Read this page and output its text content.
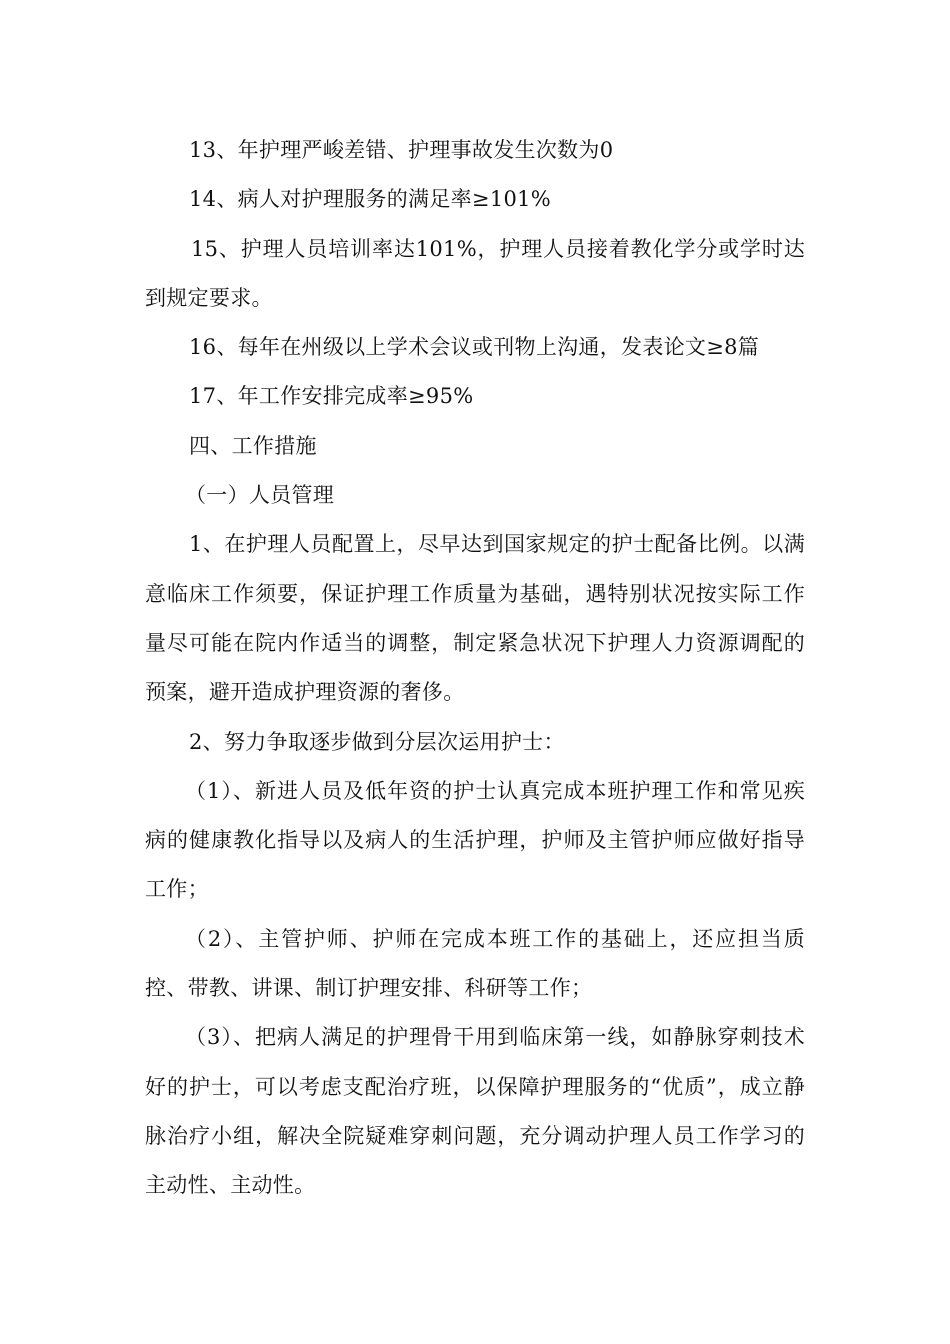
13、年护理严峻差错、护理事故发生次数为0

14、病人对护理服务的满足率≥101%

15、护理人员培训率达101%，护理人员接着教化学分或学时达到规定要求。

16、每年在州级以上学术会议或刊物上沟通，发表论文≥8篇

17、年工作安排完成率≥95%

四、工作措施

（一）人员管理

1、在护理人员配置上，尽早达到国家规定的护士配备比例。以满意临床工作须要，保证护理工作质量为基础，遇特别状况按实际工作量尽可能在院内作适当的调整，制定紧急状况下护理人力资源调配的预案，避开造成护理资源的奢侈。

2、努力争取逐步做到分层次运用护士：

（1）、新进人员及低年资的护士认真完成本班护理工作和常见疾病的健康教化指导以及病人的生活护理，护师及主管护师应做好指导工作；

（2）、主管护师、护师在完成本班工作的基础上，还应担当质控、带教、讲课、制订护理安排、科研等工作；

（3）、把病人满足的护理骨干用到临床第一线，如静脉穿刺技术好的护士，可以考虑支配治疗班，以保障护理服务的“优质”，成立静脉治疗小组，解决全院疑难穿刺问题，充分调动护理人员工作学习的主动性、主动性。
